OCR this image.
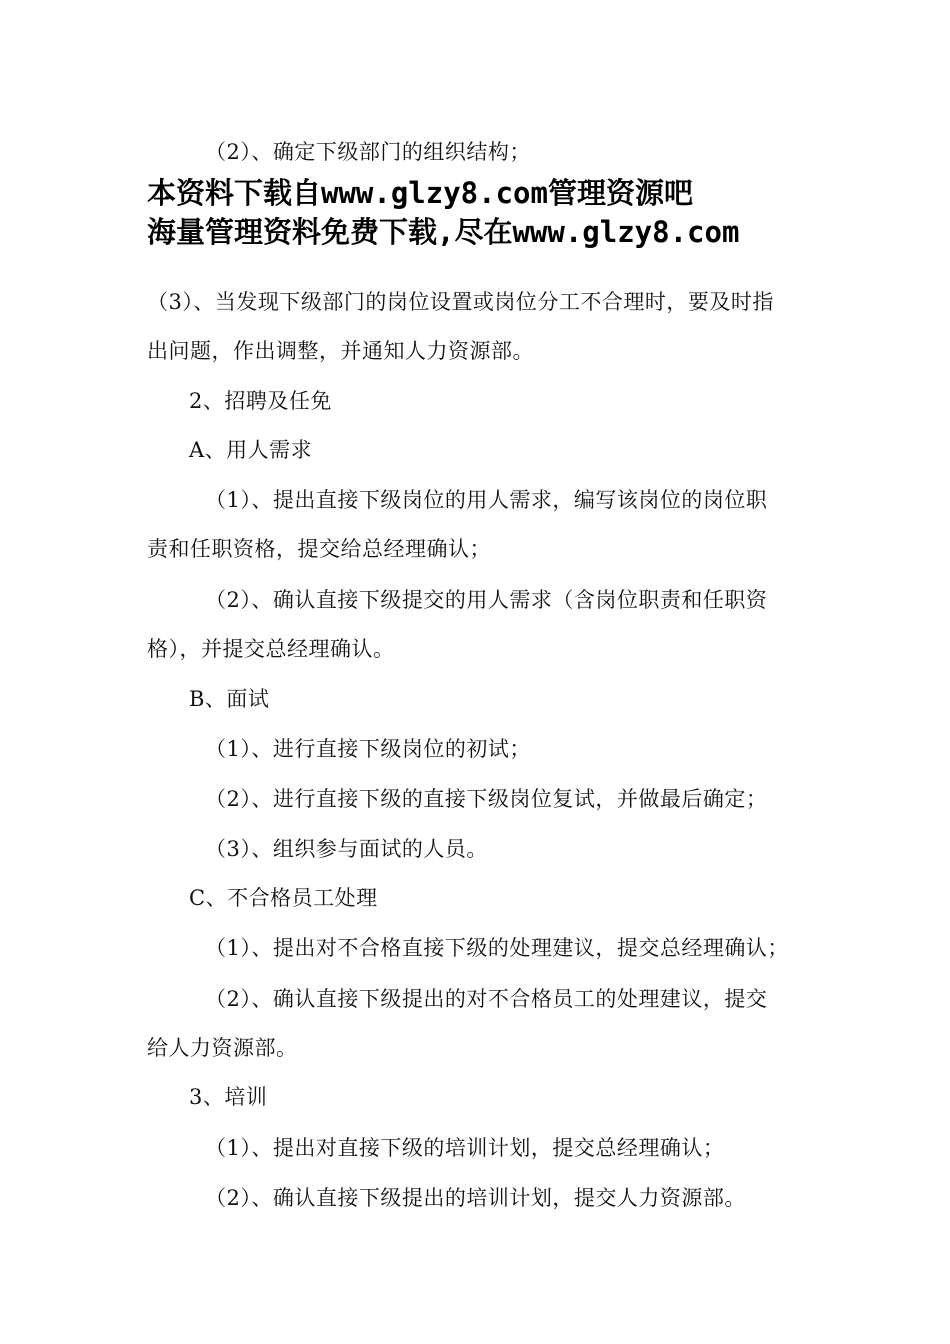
（2）、确定下级部门的组织结构；
本资料下载自www.glzy8.com管理资源吧
海量管理资料免费下载,尽在www.glzy8.com
（3）、当发现下级部门的岗位设置或岗位分工不合理时，要及时指
出问题，作出调整，并通知人力资源部。
2、招聘及任免
A、用人需求
（1）、提出直接下级岗位的用人需求，编写该岗位的岗位职
责和任职资格，提交给总经理确认；
（2）、确认直接下级提交的用人需求（含岗位职责和任职资
格），并提交总经理确认。
B、面试
（1）、进行直接下级岗位的初试；
（2）、进行直接下级的直接下级岗位复试，并做最后确定；
（3）、组织参与面试的人员。
C、不合格员工处理
（1）、提出对不合格直接下级的处理建议，提交总经理确认；
（2）、确认直接下级提出的对不合格员工的处理建议，提交
给人力资源部。
3、培训
（1）、提出对直接下级的培训计划，提交总经理确认；
（2）、确认直接下级提出的培训计划，提交人力资源部。
